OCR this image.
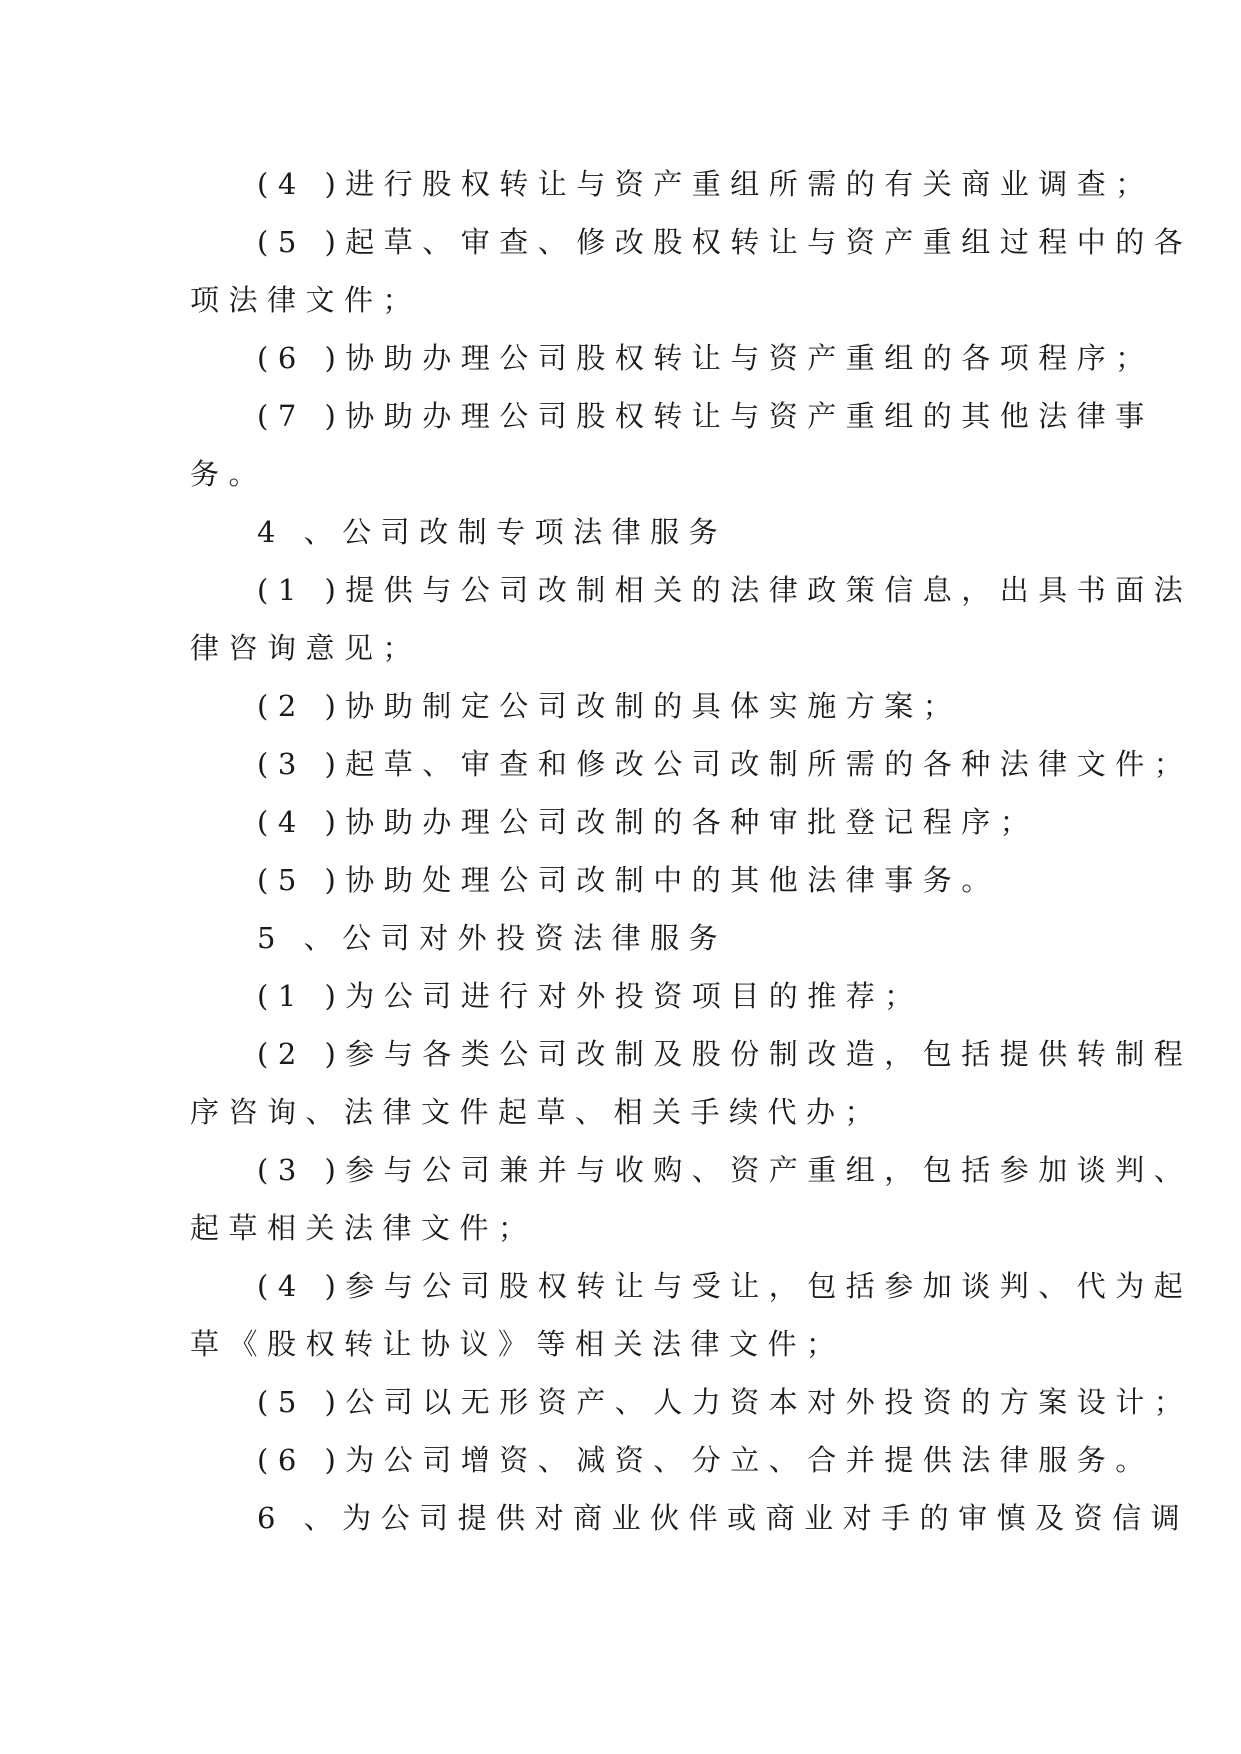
(4 )进行股权转让与资产重组所需的有关商业调查；
(5 )起草、审查、修改股权转让与资产重组过程中的各
项法律文件；
(6 )协助办理公司股权转让与资产重组的各项程序；
(7 )协助办理公司股权转让与资产重组的其他法律事
务。
4 、公司改制专项法律服务
(1 )提供与公司改制相关的法律政策信息，出具书面法
律咨询意见；
(2 )协助制定公司改制的具体实施方案；
(3 )起草、审查和修改公司改制所需的各种法律文件；
(4 )协助办理公司改制的各种审批登记程序；
(5 )协助处理公司改制中的其他法律事务。
5 、公司对外投资法律服务
(1 )为公司进行对外投资项目的推荐；
(2 )参与各类公司改制及股份制改造，包括提供转制程
序咨询、法律文件起草、相关手续代办；
(3 )参与公司兼并与收购、资产重组，包括参加谈判、
起草相关法律文件；
(4 )参与公司股权转让与受让，包括参加谈判、代为起
草《股权转让协议》等相关法律文件；
(5 )公司以无形资产、人力资本对外投资的方案设计；
(6 )为公司增资、减资、分立、合并提供法律服务。
6 、为公司提供对商业伙伴或商业对手的审慎及资信调
